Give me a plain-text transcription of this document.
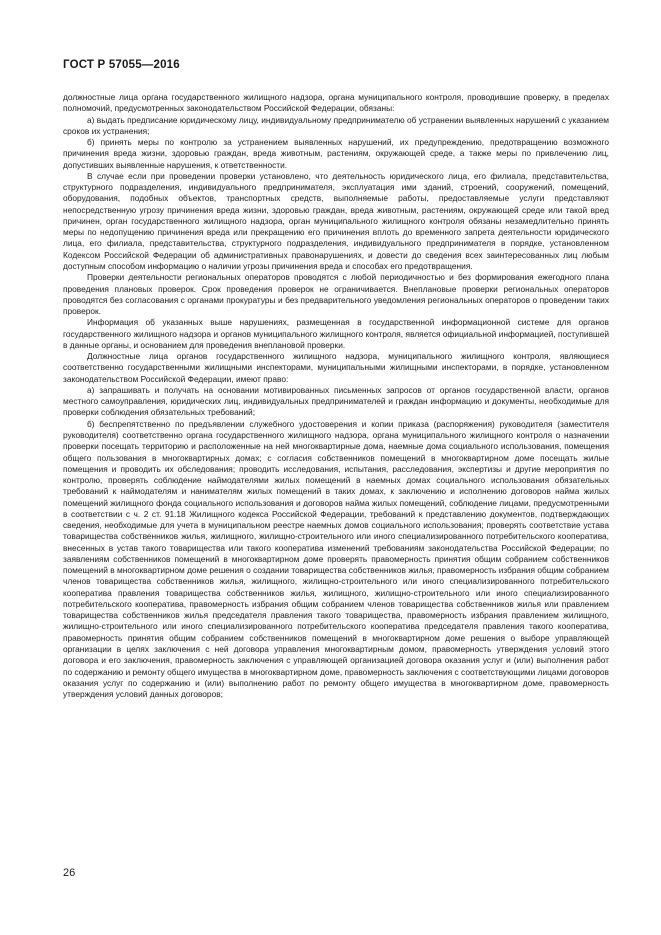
ГОСТ Р 57055—2016

должностные лица органа государственного жилищного надзора, органа муниципального контроля, проводившие проверку, в пределах полномочий, предусмотренных законодательством Российской Федерации, обязаны:

а) выдать предписание юридическому лицу, индивидуальному предпринимателю об устранении выявленных нарушений с указанием сроков их устранения;

б) принять меры по контролю за устранением выявленных нарушений, их предупреждению, предотвращению возможного причинения вреда жизни, здоровью граждан, вреда животным, растениям, окружающей среде, а также меры по привлечению лиц, допустивших выявленные нарушения, к ответственности.

В случае если при проведении проверки установлено, что деятельность юридического лица, его филиала, представительства, структурного подразделения, индивидуального предпринимателя, эксплуатация ими зданий, строений, сооружений, помещений, оборудования, подобных объектов, транспортных средств, выполняемые работы, предоставляемые услуги представляют непосредственную угрозу причинения вреда жизни, здоровью граждан, вреда животным, растениям, окружающей среде или такой вред причинен, орган государственного жилищного надзора, орган муниципального жилищного контроля обязаны незамедлительно принять меры по недопущению причинения вреда или прекращению его причинения вплоть до временного запрета деятельности юридического лица, его филиала, представительства, структурного подразделения, индивидуального предпринимателя в порядке, установленном Кодексом Российской Федерации об административных правонарушениях, и довести до сведения всех заинтересованных лиц любым доступным способом информацию о наличии угрозы причинения вреда и способах его предотвращения.

Проверки деятельности региональных операторов проводятся с любой периодичностью и без формирования ежегодного плана проведения плановых проверок. Срок проведения проверок не ограничивается. Внеплановые проверки региональных операторов проводятся без согласования с органами прокуратуры и без предварительного уведомления региональных операторов о проведении таких проверок.

Информация об указанных выше нарушениях, размещенная в государственной информационной системе для органов государственного жилищного надзора и органов муниципального жилищного контроля, является официальной информацией, поступившей в данные органы, и основанием для проведения внеплановой проверки.

Должностные лица органов государственного жилищного надзора, муниципального жилищного контроля, являющиеся соответственно государственными жилищными инспекторами, муниципальными жилищными инспекторами, в порядке, установленном законодательством Российской Федерации, имеют право:

а) запрашивать и получать на основании мотивированных письменных запросов от органов государственной власти, органов местного самоуправления, юридических лиц, индивидуальных предпринимателей и граждан информацию и документы, необходимые для проверки соблюдения обязательных требований;

б) беспрепятственно по предъявлении служебного удостоверения и копии приказа (распоряжения) руководителя (заместителя руководителя) соответственно органа государственного жилищного надзора, органа муниципального жилищного контроля о назначении проверки посещать территорию и расположенные на ней многоквартирные дома, наемные дома социального использования, помещения общего пользования в многоквартирных домах; с согласия собственников помещений в многоквартирном доме посещать жилые помещения и проводить их обследования; проводить исследования, испытания, расследования, экспертизы и другие мероприятия по контролю, проверять соблюдение наймодателями жилых помещений в наемных домах социального использования обязательных требований к наймодателям и нанимателям жилых помещений в таких домах, к заключению и исполнению договоров найма жилых помещений жилищного фонда социального использования и договоров найма жилых помещений, соблюдение лицами, предусмотренными в соответствии с ч. 2 ст. 91.18 Жилищного кодекса Российской Федерации, требований к представлению документов, подтверждающих сведения, необходимые для учета в муниципальном реестре наемных домов социального использования; проверять соответствие устава товарищества собственников жилья, жилищного, жилищно-строительного или иного специализированного потребительского кооператива, внесенных в устав такого товарищества или такого кооператива изменений требованиям законодательства Российской Федерации; по заявлениям собственников помещений в многоквартирном доме проверять правомерность принятия общим собранием собственников помещений в многоквартирном доме решения о создании товарищества собственников жилья, правомерность избрания общим собранием членов товарищества собственников жилья, жилищного, жилищно-строительного или иного специализированного потребительского кооператива правления товарищества собственников жилья, жилищного, жилищно-строительного или иного специализированного потребительского кооператива, правомерность избрания общим собранием членов товарищества собственников жилья или правлением товарищества собственников жилья председателя правления такого товарищества, правомерность избрания правлением жилищного, жилищно-строительного или иного специализированного потребительского кооператива председателя правления такого кооператива, правомерность принятия общим собранием собственников помещений в многоквартирном доме решения о выборе управляющей организации в целях заключения с ней договора управления многоквартирным домом, правомерность утверждения условий этого договора и его заключения, правомерность заключения с управляющей организацией договора оказания услуг и (или) выполнения работ по содержанию и ремонту общего имущества в многоквартирном доме, правомерность заключения с соответствующими лицами договоров оказания услуг по содержанию и (или) выполнению работ по ремонту общего имущества в многоквартирном доме, правомерность утверждения условий данных договоров;

26
